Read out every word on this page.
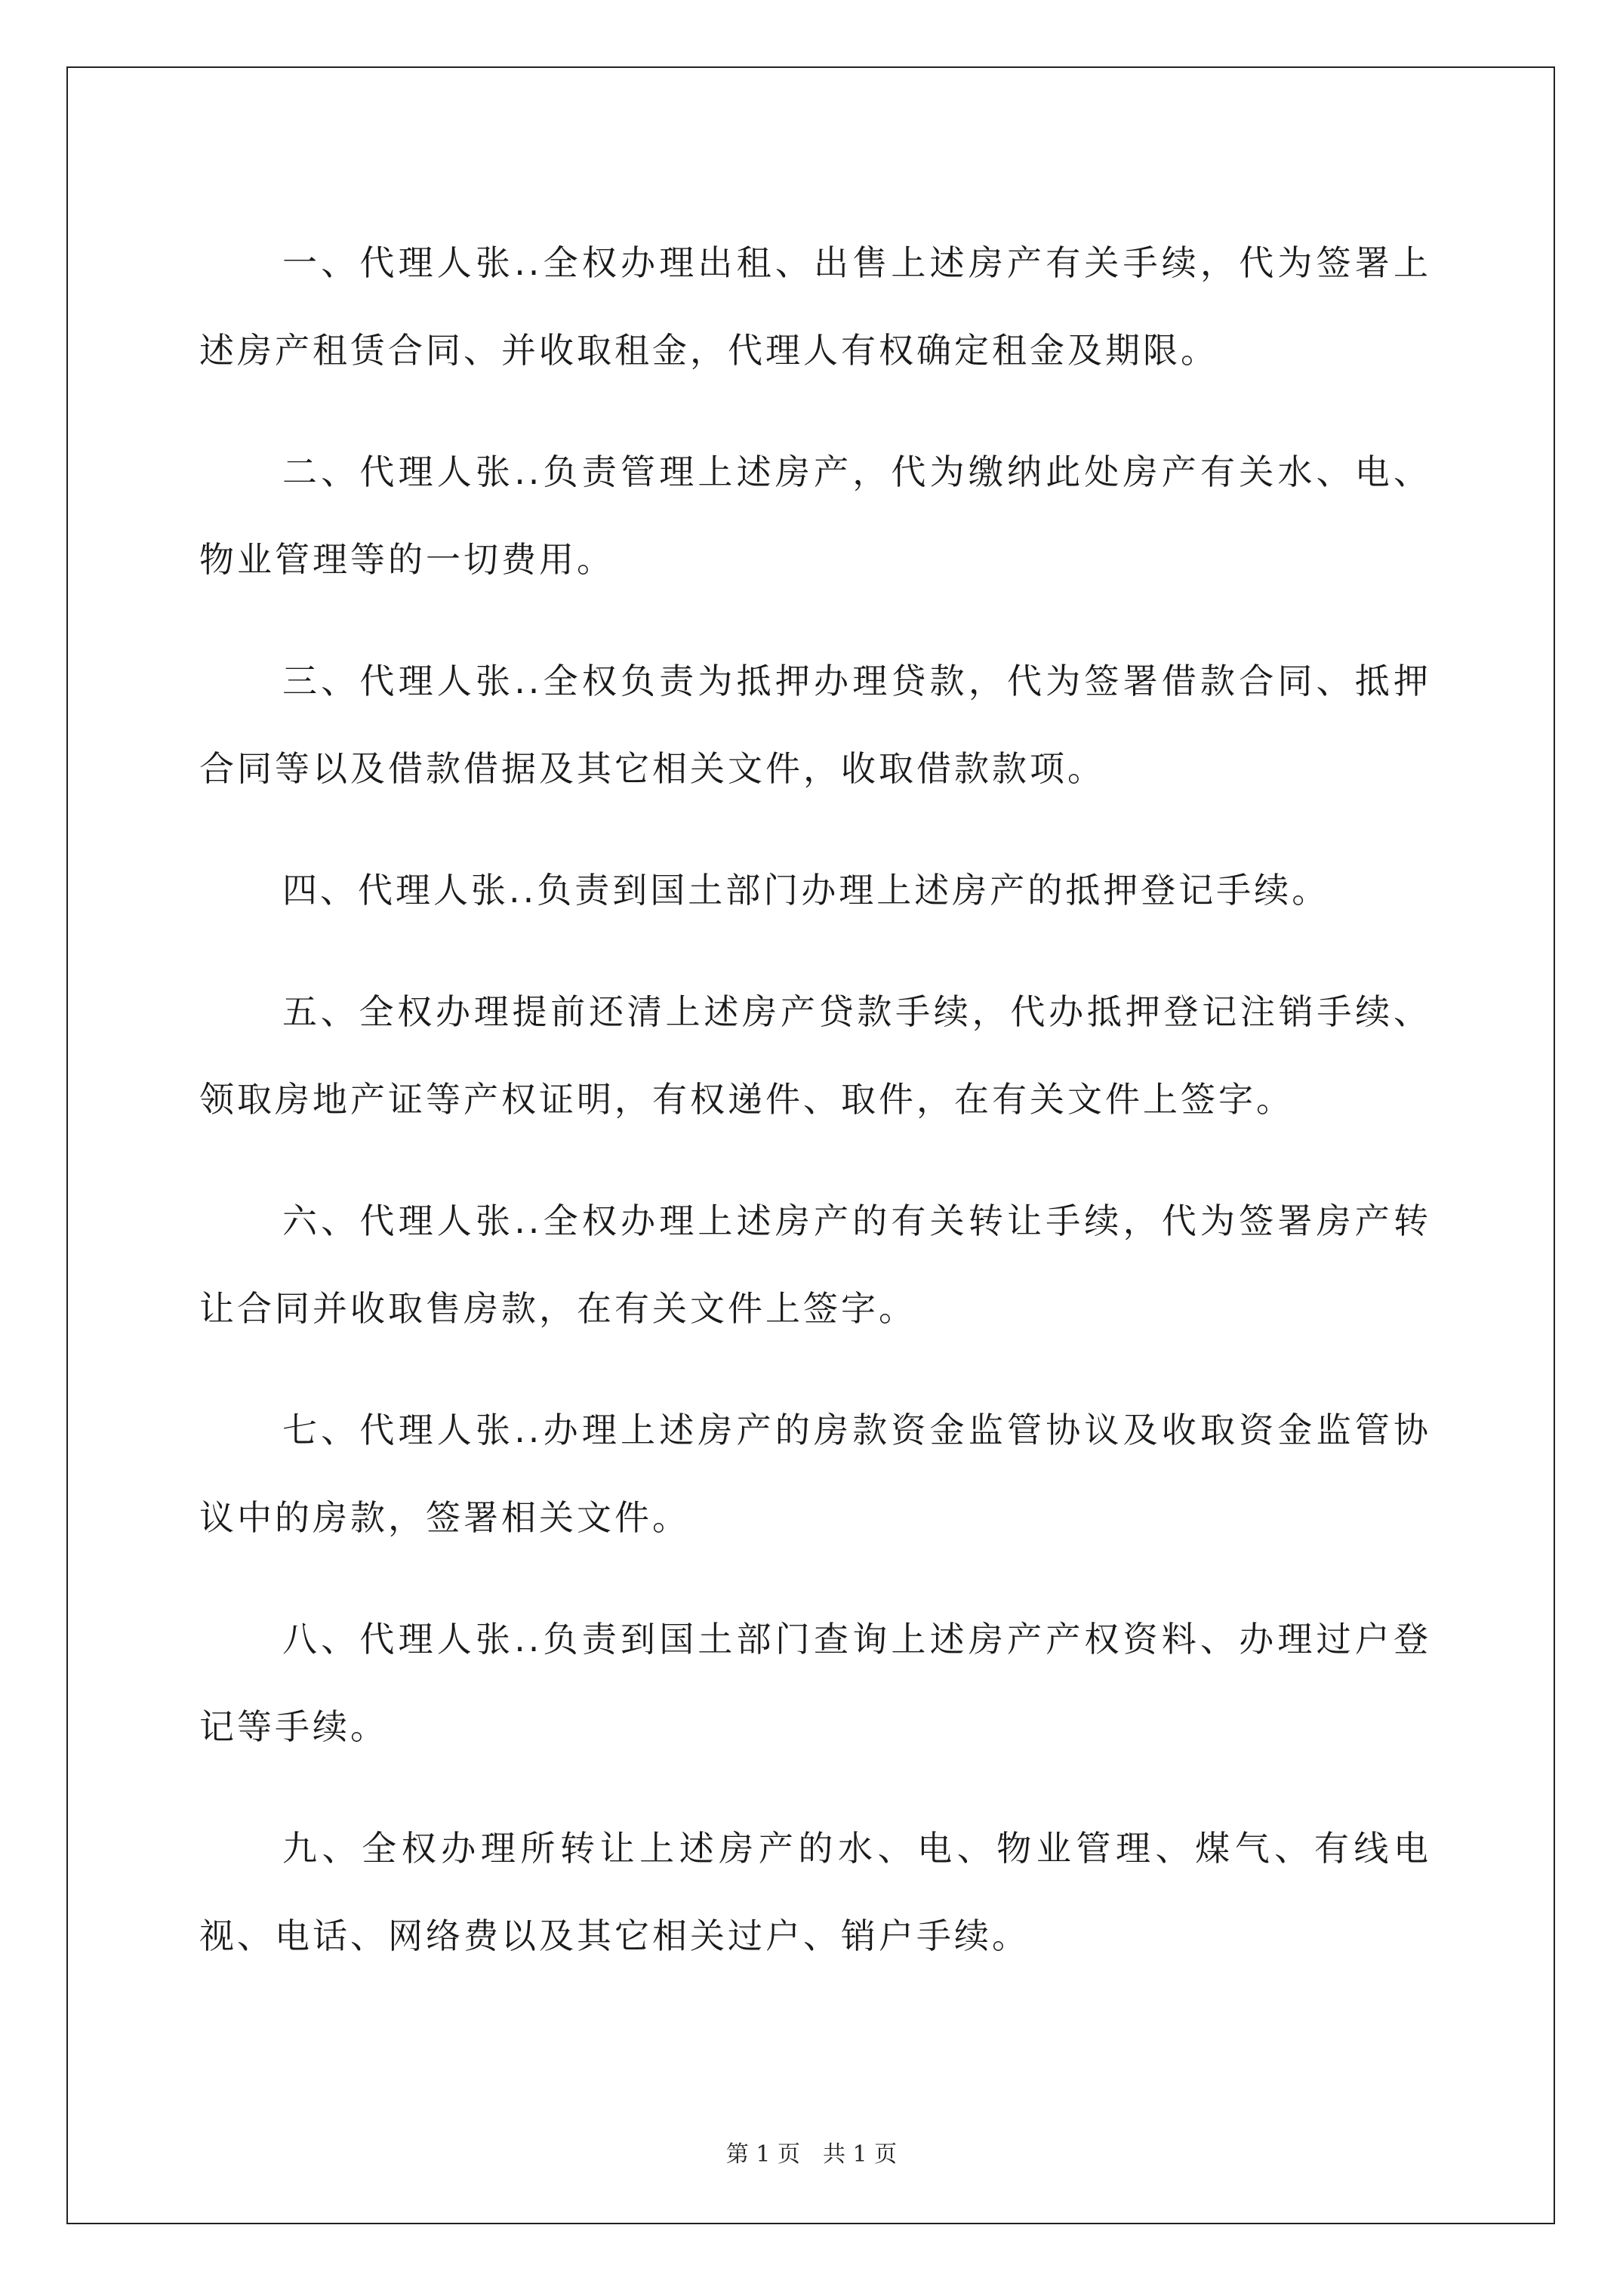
一、代理人张..全权办理出租、出售上述房产有关手续，代为签署上述房产租赁合同、并收取租金，代理人有权确定租金及期限。

二、代理人张..负责管理上述房产，代为缴纳此处房产有关水、电、物业管理等的一切费用。

三、代理人张..全权负责为抵押办理贷款，代为签署借款合同、抵押合同等以及借款借据及其它相关文件，收取借款款项。

四、代理人张..负责到国土部门办理上述房产的抵押登记手续。

五、全权办理提前还清上述房产贷款手续，代办抵押登记注销手续、领取房地产证等产权证明，有权递件、取件，在有关文件上签字。

六、代理人张..全权办理上述房产的有关转让手续，代为签署房产转让合同并收取售房款，在有关文件上签字。

七、代理人张..办理上述房产的房款资金监管协议及收取资金监管协议中的房款，签署相关文件。

八、代理人张..负责到国土部门查询上述房产产权资料、办理过户登记等手续。

九、全权办理所转让上述房产的水、电、物业管理、煤气、有线电视、电话、网络费以及其它相关过户、销户手续。

第 1 页　共 1 页
